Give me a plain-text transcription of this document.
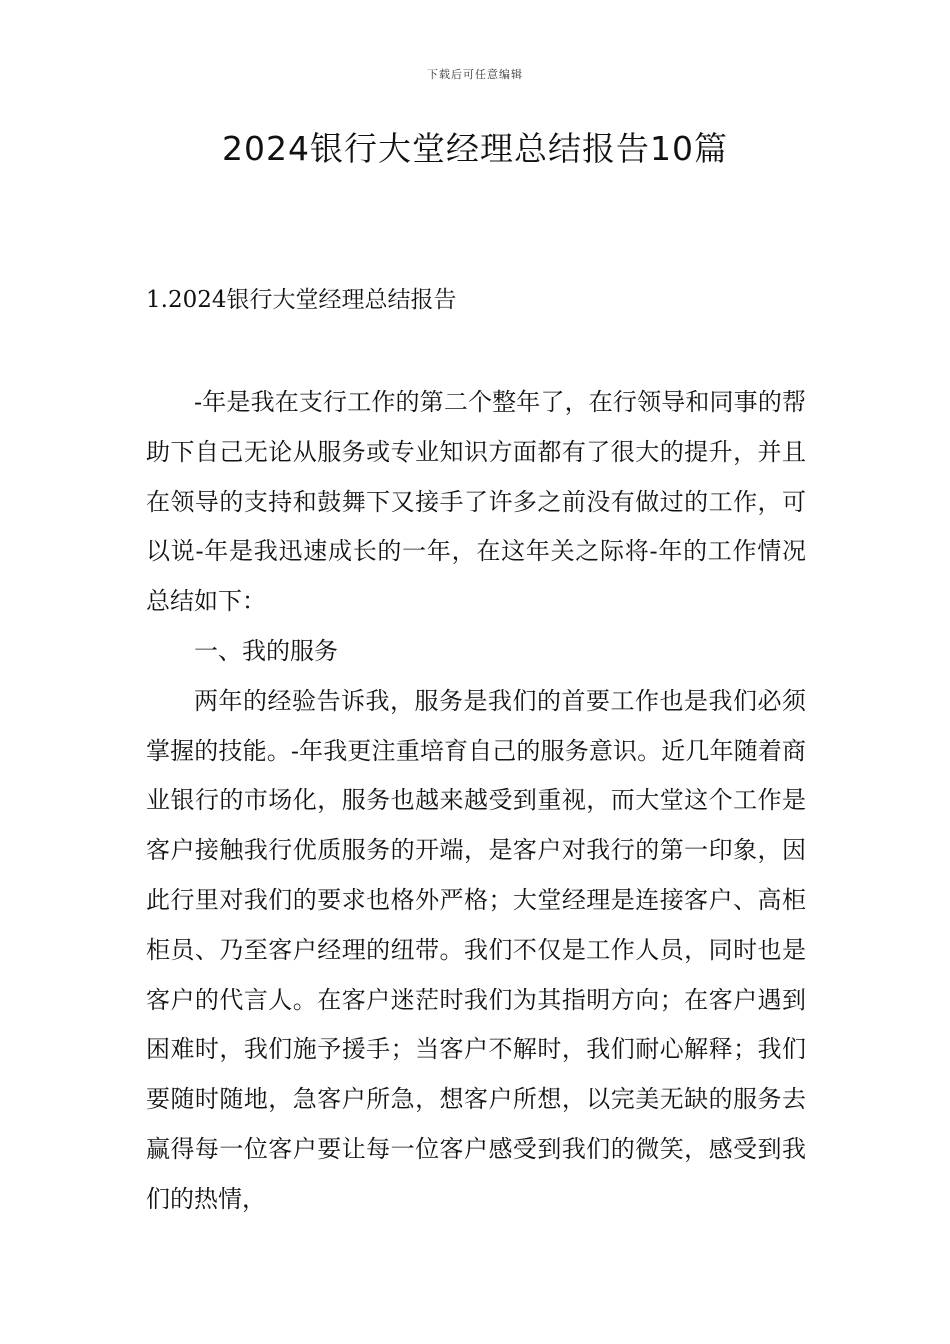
下载后可任意编辑
2024银行大堂经理总结报告10篇
1.2024银行大堂经理总结报告

-年是我在支行工作的第二个整年了，在行领导和同事的帮助下自己无论从服务或专业知识方面都有了很大的提升，并且在领导的支持和鼓舞下又接手了许多之前没有做过的工作，可以说-年是我迅速成长的一年，在这年关之际将-年的工作情况总结如下：

一、我的服务

两年的经验告诉我，服务是我们的首要工作也是我们必须掌握的技能。-年我更注重培育自己的服务意识。近几年随着商业银行的市场化，服务也越来越受到重视，而大堂这个工作是客户接触我行优质服务的开端，是客户对我行的第一印象，因此行里对我们的要求也格外严格；大堂经理是连接客户、高柜柜员、乃至客户经理的纽带。我们不仅是工作人员，同时也是客户的代言人。在客户迷茫时我们为其指明方向；在客户遇到困难时，我们施予援手；当客户不解时，我们耐心解释；我们要随时随地，急客户所急，想客户所想，以完美无缺的服务去赢得每一位客户要让每一位客户感受到我们的微笑，感受到我们的热情，
